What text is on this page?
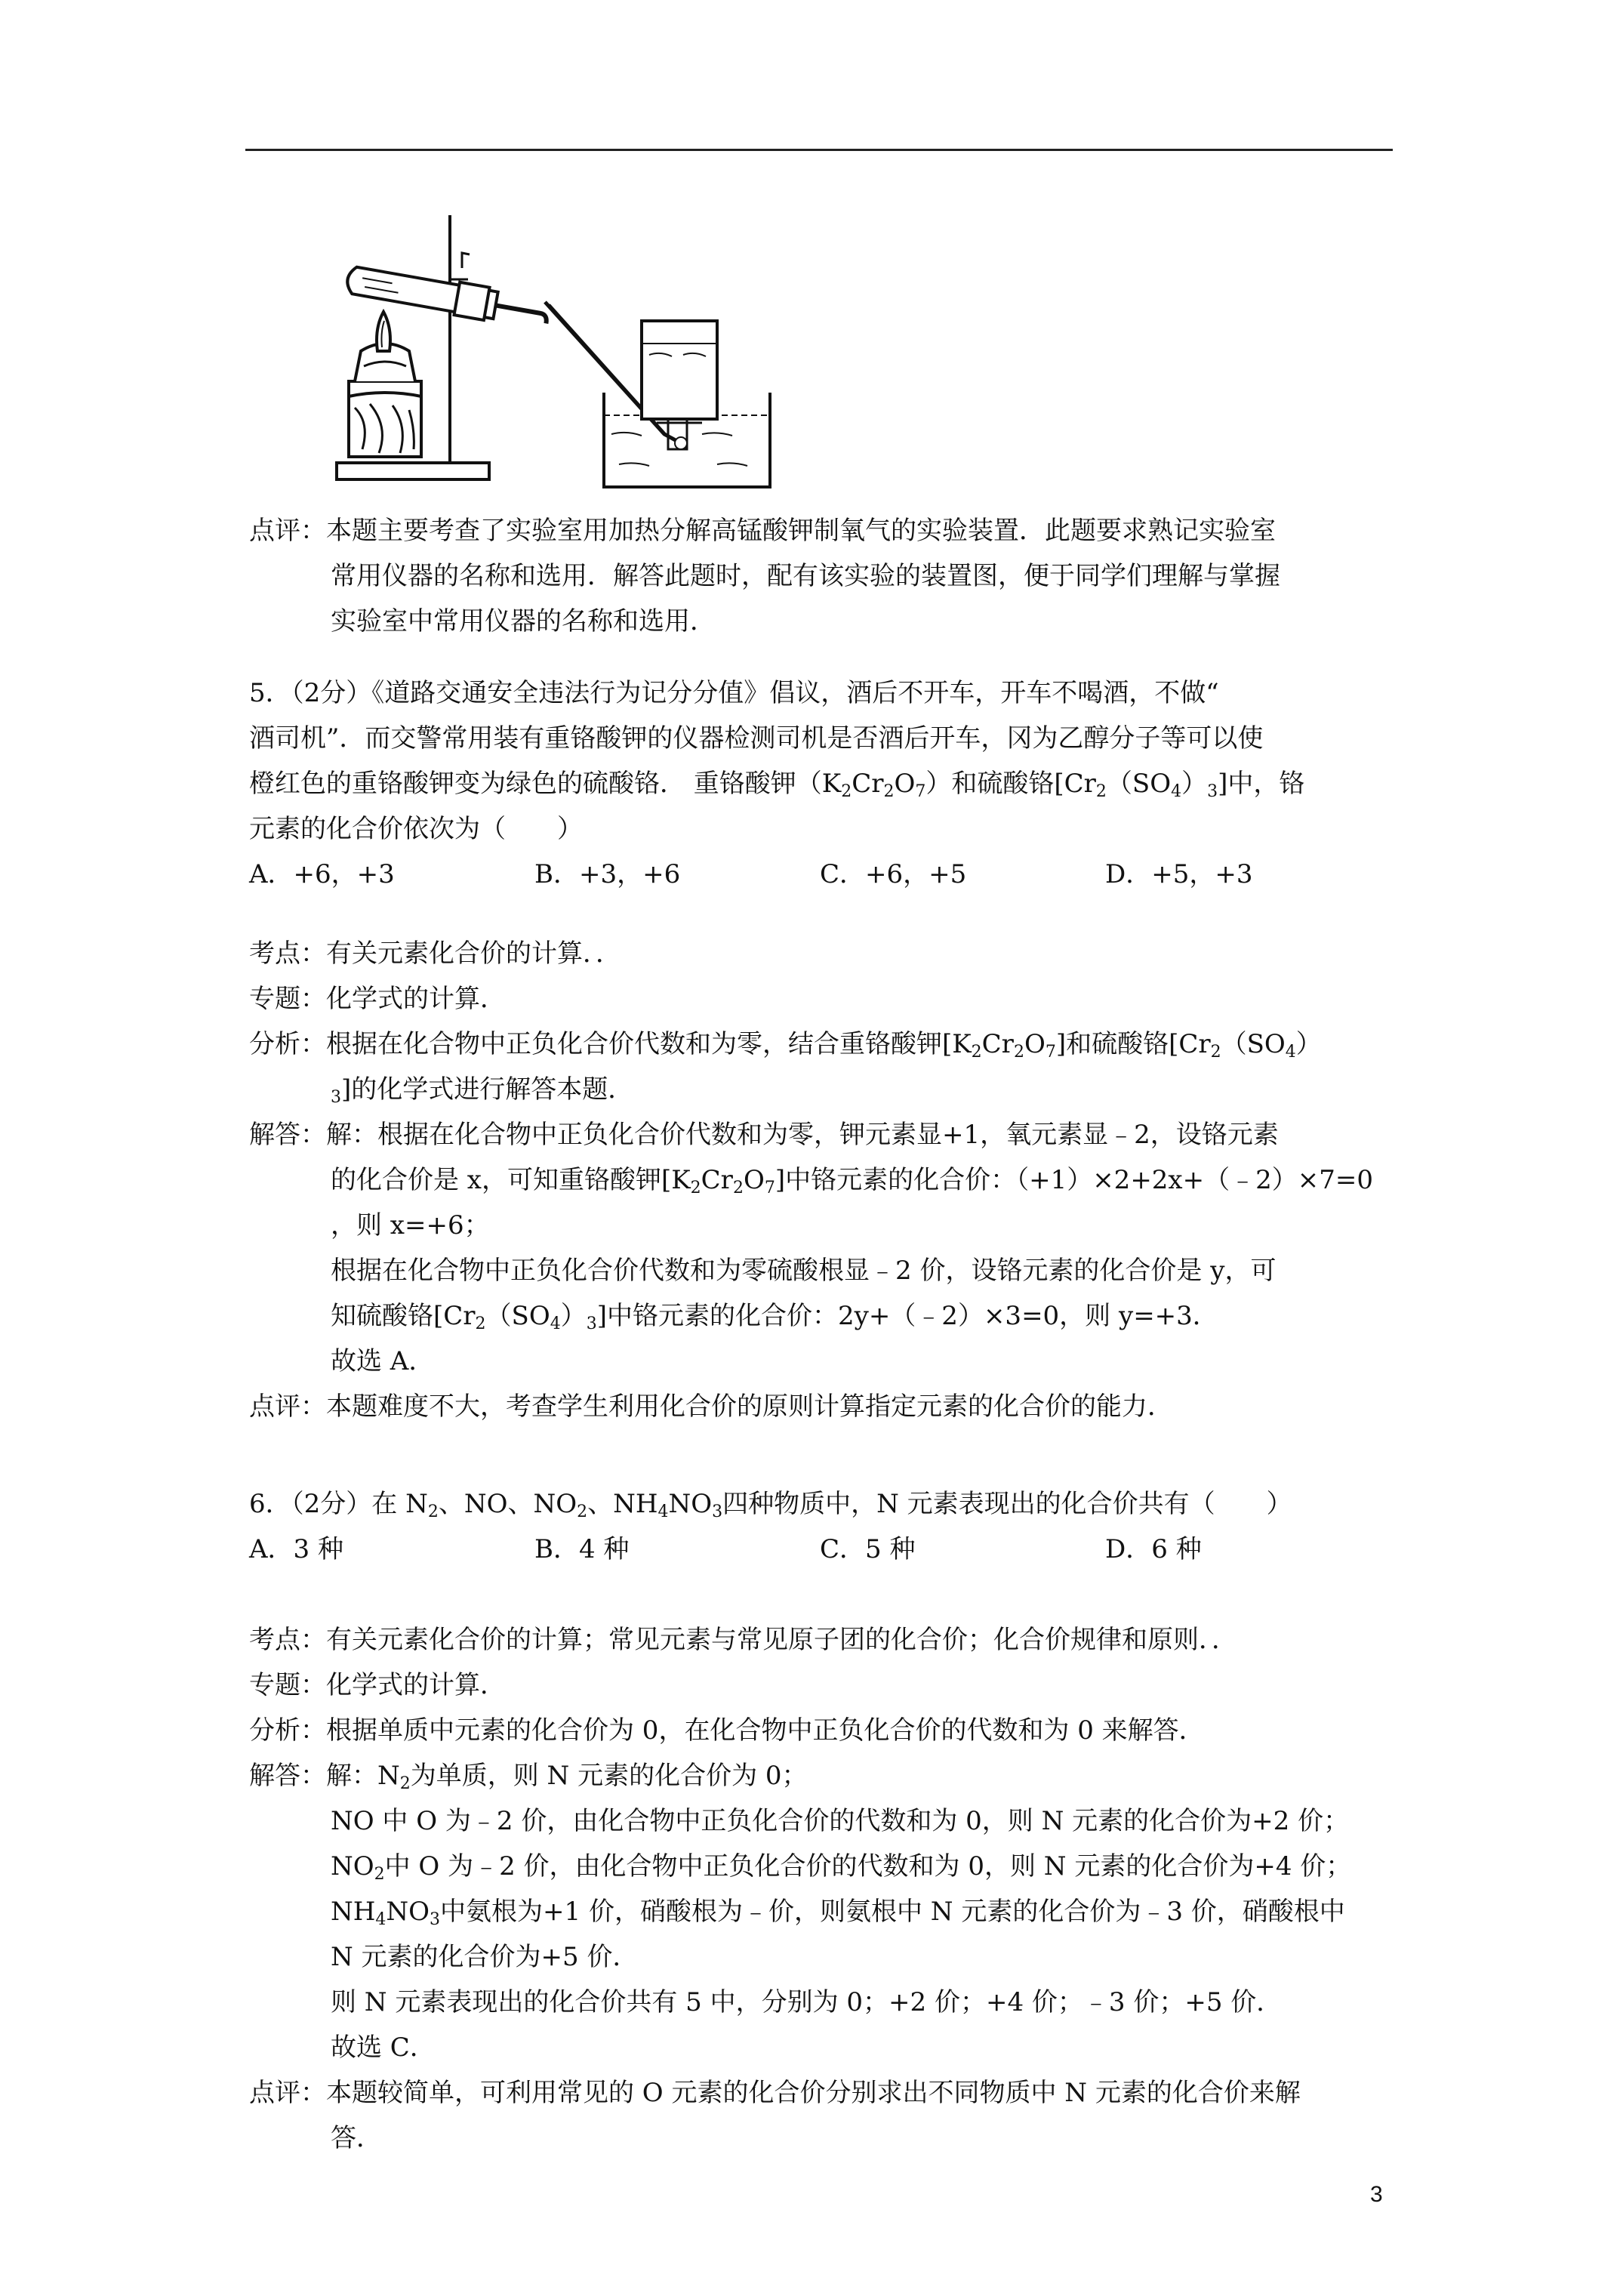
点评：本题主要考查了实验室用加热分解高锰酸钾制氧气的实验装置．此题要求熟记实验室
常用仪器的名称和选用．解答此题时，配有该实验的装置图，便于同学们理解与掌握
实验室中常用仪器的名称和选用．
5．（2分）《道路交通安全违法行为记分分值》倡议，酒后不开车，开车不喝酒，不做“
酒司机”．而交警常用装有重铬酸钾的仪器检测司机是否酒后开车，冈为乙醇分子等可以使
橙红色的重铬酸钾变为绿色的硫酸铬． 重铬酸钾$(K_2Cr_2O_7)$和硫酸铬$[Cr_2(SO_4)_3]$中，铬
元素的化合价依次为（　　）
A．+6，+3	B．+3，+6	C．+6，+5	D．+5，+3
考点：有关元素化合价的计算．．
专题：化学式的计算．
分析：根据在化合物中正负化合价代数和为零，结合重铬酸钾$[K_2Cr_2O_7]$和硫酸铬[$Cr_2(SO_4)$
$_3$]的化学式进行解答本题．
解答：解：根据在化合物中正负化合价代数和为零，钾元素显+1，氧元素显﹣2，设铬元素
的化合价是 x，可知重铬酸钾$[K_2Cr_2O_7]$中铬元素的化合价：（+1）×2+2x+（﹣2）×7=0
，则 x=+6；
根据在化合物中正负化合价代数和为零硫酸根显﹣2 价，设铬元素的化合价是 y，可
知硫酸铬$[Cr_2(SO_4)_3]$中铬元素的化合价：2y+（﹣2）×3=0，则 y=+3．
故选 A．
点评：本题难度不大，考查学生利用化合价的原则计算指定元素的化合价的能力．
6．（2分）在 $N_2$、NO、$NO_2$、$NH_4NO_3$四种物质中，N 元素表现出的化合价共有（　　）
A．3 种	B．4 种	C．5 种	D．6 种
考点：有关元素化合价的计算；常见元素与常见原子团的化合价；化合价规律和原则．．
专题：化学式的计算．
分析：根据单质中元素的化合价为 0，在化合物中正负化合价的代数和为 0 来解答．
解答：解：$N_2$为单质，则 N 元素的化合价为 0；
NO 中 O 为﹣2 价，由化合物中正负化合价的代数和为 0，则 N 元素的化合价为+2 价；
$NO_2$中 O 为﹣2 价，由化合物中正负化合价的代数和为 0，则 N 元素的化合价为+4 价；
$NH_4NO_3$中氨根为+1 价，硝酸根为﹣价，则氨根中 N 元素的化合价为﹣3 价，硝酸根中
N 元素的化合价为+5 价．
则 N 元素表现出的化合价共有 5 中，分别为 0；+2 价；+4 价；﹣3 价；+5 价．
故选 C．
点评：本题较简单，可利用常见的 O 元素的化合价分别求出不同物质中 N 元素的化合价来解
答．
3
